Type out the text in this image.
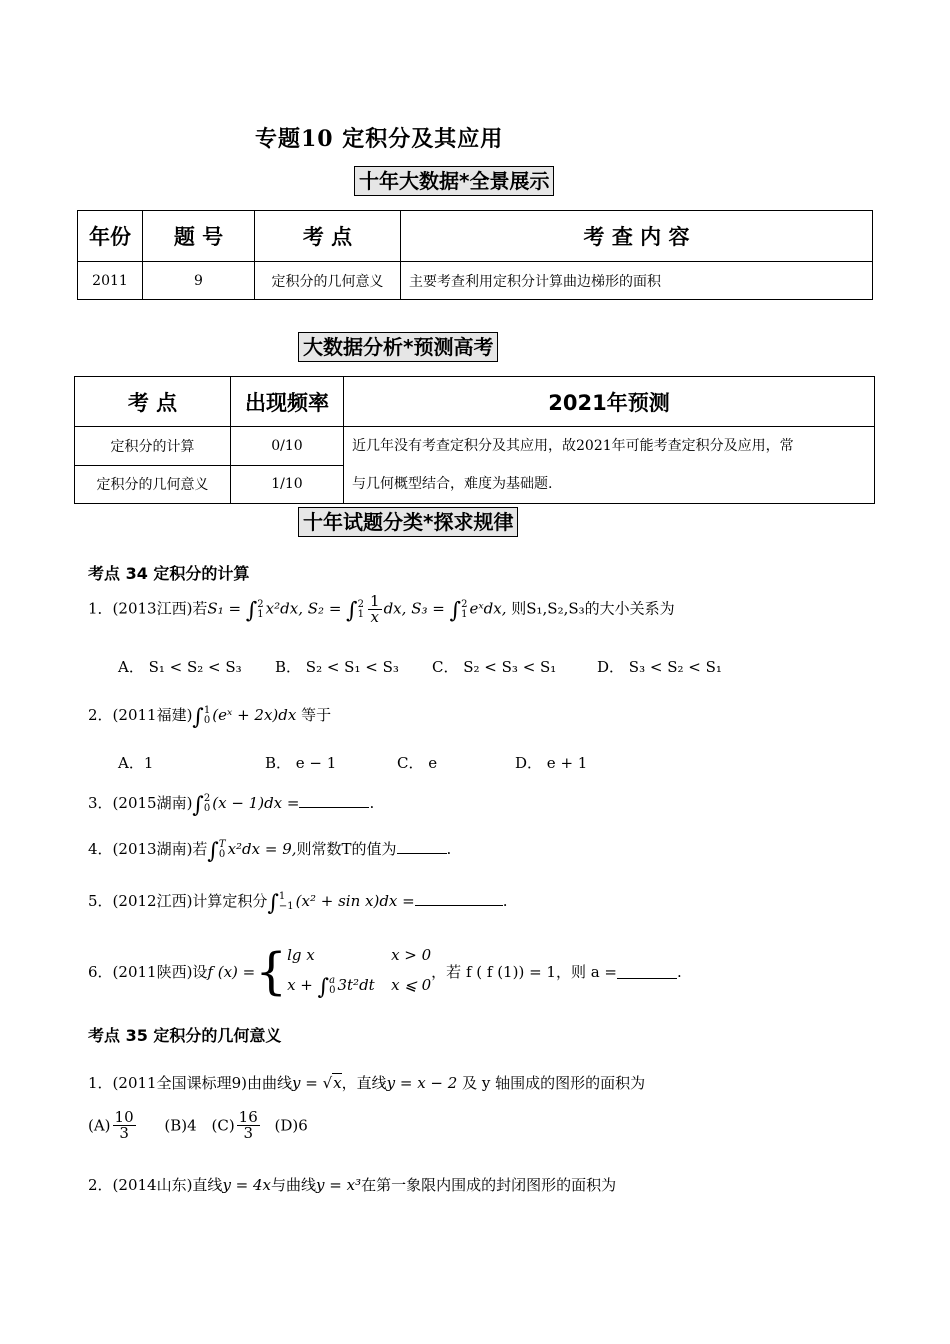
专题10 定积分及其应用
十年大数据*全景展示
年份	题 号	考 点	考 查 内 容
2011	9	定积分的几何意义	主要考查利用定积分计算曲边梯形的面积
大数据分析*预测高考
考 点	出现频率	2021年预测
定积分的计算	0/10	近几年没有考查定积分及其应用，故2021年可能考查定积分及应用，常
与几何概型结合，难度为基础题.

定积分的几何意义	1/10	
十年试题分类*探求规律
考点 34 定积分的计算
1．(2013江西)若S₁ = ∫2
1 x²dx, S₂ = ∫2
$1 \frac{1}{x}$ dx, S₃ = ∫2
1 eˣdx, 则S₁,S₂,S₃的大小关系为
A． S₁ < S₂ < S₃ B． S₂ < S₁ < S₃ C． S₂ < S₃ < S₁	D． S₃ < S₂ < S₁
2．(2011福建)∫1
0 (eˣ + 2x)dx 等于
A．1	B． e − 1	C． e	D． e + 1
3．(2015湖南)∫2
0 (x − 1)dx =	.
4．(2013湖南)若∫T
0 x²dx = 9,则常数T的值为	.
5．(2012江西)计算定积分∫1
−1 (x² + sin x)dx =	.
6．(2011陕西)设f (x) ={ lg x	x > 0
x + ∫a
0 3t²dt x ⩽ 0
，若 f ( f (1)) = 1，则 a =	.
考点 35 定积分的几何意义
1．(2011全国课标理9)由曲线y = √x，直线y = x − 2 及 y 轴围成的图形的面积为
$(A) \frac{10}{3} (B)4$ $(C) \frac{16}{3} (D)6$
2．(2014山东)直线y = 4x与曲线y = x³在第一象限内围成的封闭图形的面积为
